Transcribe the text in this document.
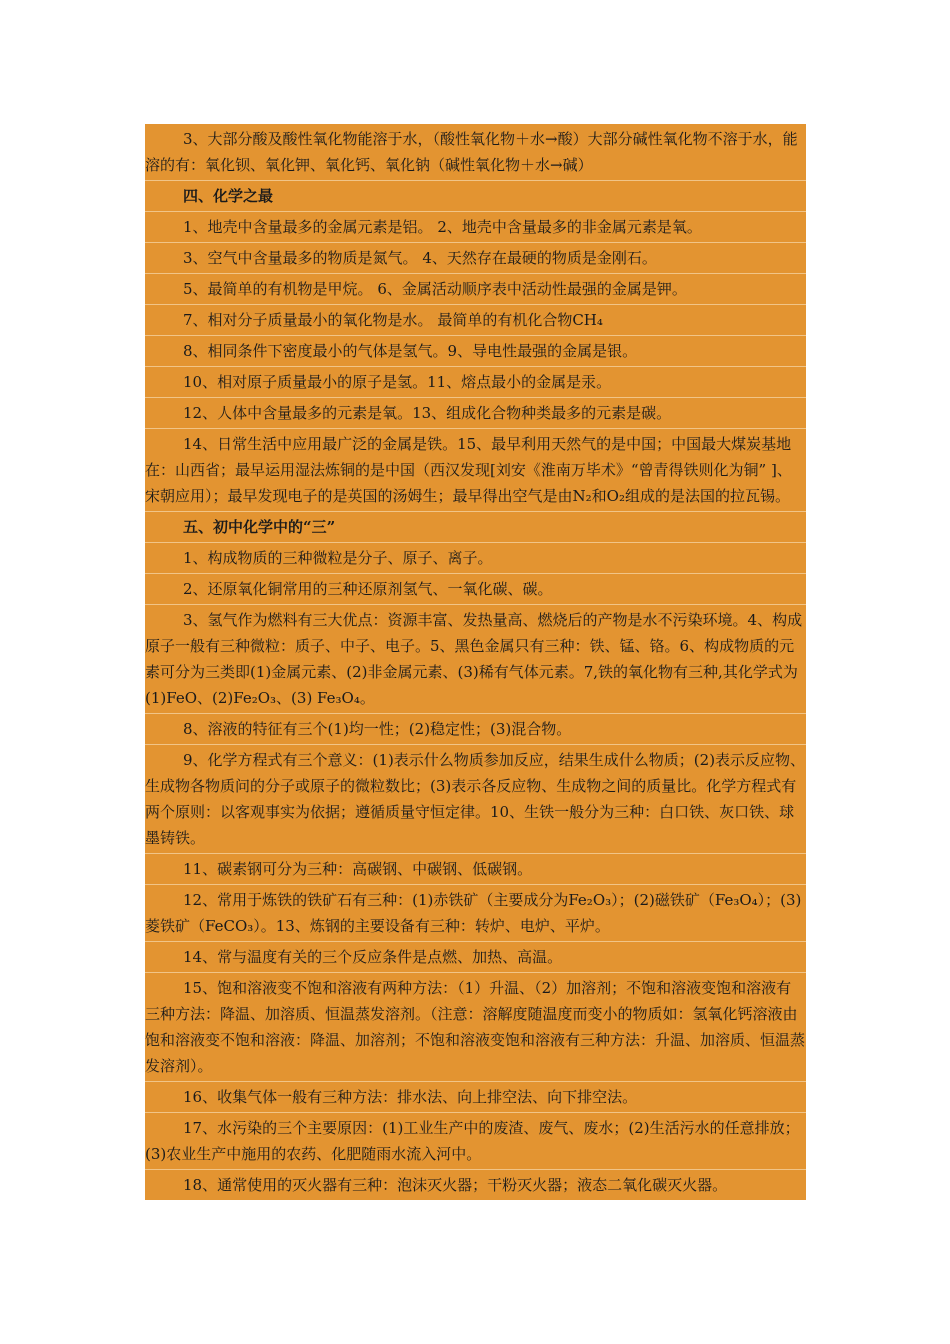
3、大部分酸及酸性氧化物能溶于水，（酸性氧化物＋水→酸）大部分碱性氧化物不溶于水，能溶的有：氧化钡、氧化钾、氧化钙、氧化钠（碱性氧化物＋水→碱）
四、化学之最
1、地壳中含量最多的金属元素是铝。 2、地壳中含量最多的非金属元素是氧。
3、空气中含量最多的物质是氮气。 4、天然存在最硬的物质是金刚石。
5、最简单的有机物是甲烷。 6、金属活动顺序表中活动性最强的金属是钾。
7、相对分子质量最小的氧化物是水。 最简单的有机化合物CH₄
8、相同条件下密度最小的气体是氢气。9、导电性最强的金属是银。
10、相对原子质量最小的原子是氢。11、熔点最小的金属是汞。
12、人体中含量最多的元素是氧。13、组成化合物种类最多的元素是碳。
14、日常生活中应用最广泛的金属是铁。15、最早利用天然气的是中国；中国最大煤炭基地在：山西省；最早运用湿法炼铜的是中国（西汉发现[刘安《淮南万毕术》“曾青得铁则化为铜” ]、宋朝应用）；最早发现电子的是英国的汤姆生；最早得出空气是由N₂和O₂组成的是法国的拉瓦锡。
五、初中化学中的“三”
1、构成物质的三种微粒是分子、原子、离子。
2、还原氧化铜常用的三种还原剂氢气、一氧化碳、碳。
3、氢气作为燃料有三大优点：资源丰富、发热量高、燃烧后的产物是水不污染环境。4、构成原子一般有三种微粒：质子、中子、电子。5、黑色金属只有三种：铁、锰、铬。6、构成物质的元素可分为三类即(1)金属元素、(2)非金属元素、(3)稀有气体元素。7,铁的氧化物有三种,其化学式为(1)FeO、(2)Fe₂O₃、(3) Fe₃O₄。
8、溶液的特征有三个(1)均一性；(2)稳定性；(3)混合物。
9、化学方程式有三个意义：(1)表示什么物质参加反应，结果生成什么物质；(2)表示反应物、生成物各物质问的分子或原子的微粒数比；(3)表示各反应物、生成物之间的质量比。化学方程式有两个原则：以客观事实为依据；遵循质量守恒定律。10、生铁一般分为三种：白口铁、灰口铁、球墨铸铁。
11、碳素钢可分为三种：高碳钢、中碳钢、低碳钢。
12、常用于炼铁的铁矿石有三种：(1)赤铁矿（主要成分为Fe₂O₃）；(2)磁铁矿（Fe₃O₄）；(3)菱铁矿（FeCO₃）。13、炼钢的主要设备有三种：转炉、电炉、平炉。
14、常与温度有关的三个反应条件是点燃、加热、高温。
15、饱和溶液变不饱和溶液有两种方法：（1）升温、（2）加溶剂；不饱和溶液变饱和溶液有三种方法：降温、加溶质、恒温蒸发溶剂。（注意：溶解度随温度而变小的物质如：氢氧化钙溶液由饱和溶液变不饱和溶液：降温、加溶剂；不饱和溶液变饱和溶液有三种方法：升温、加溶质、恒温蒸发溶剂）。
16、收集气体一般有三种方法：排水法、向上排空法、向下排空法。
17、水污染的三个主要原因：(1)工业生产中的废渣、废气、废水；(2)生活污水的任意排放；(3)农业生产中施用的农药、化肥随雨水流入河中。
18、通常使用的灭火器有三种：泡沫灭火器；干粉灭火器；液态二氧化碳灭火器。
